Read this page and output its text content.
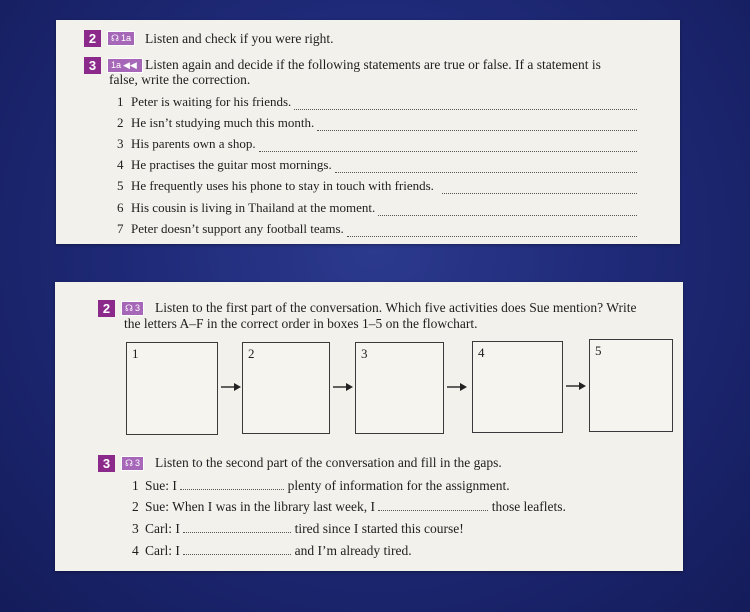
2	☊ 1a Listen and check if you were right.
3	1a ◀◀ Listen again and decide if the following statements are true or false. If a statement is
false, write the correction.
1 Peter is waiting for his friends.
2 He isn’t studying much this month.
3 His parents own a shop.
4 He practises the guitar most mornings.
5 He frequently uses his phone to stay in touch with friends.
6 His cousin is living in Thailand at the moment.
7 Peter doesn’t support any football teams.
2	☊ 3 Listen to the first part of the conversation. Which five activities does Sue mention? Write
the letters A–F in the correct order in boxes 1–5 on the flowchart.
1	2	3	4	5
3	☊ 3 Listen to the second part of the conversation and fill in the gaps.
1 Sue: I	plenty of information for the assignment.
2 Sue: When I was in the library last week, I	those leaflets.
3 Carl: I	tired since I started this course!
4 Carl: I	and I’m already tired.
